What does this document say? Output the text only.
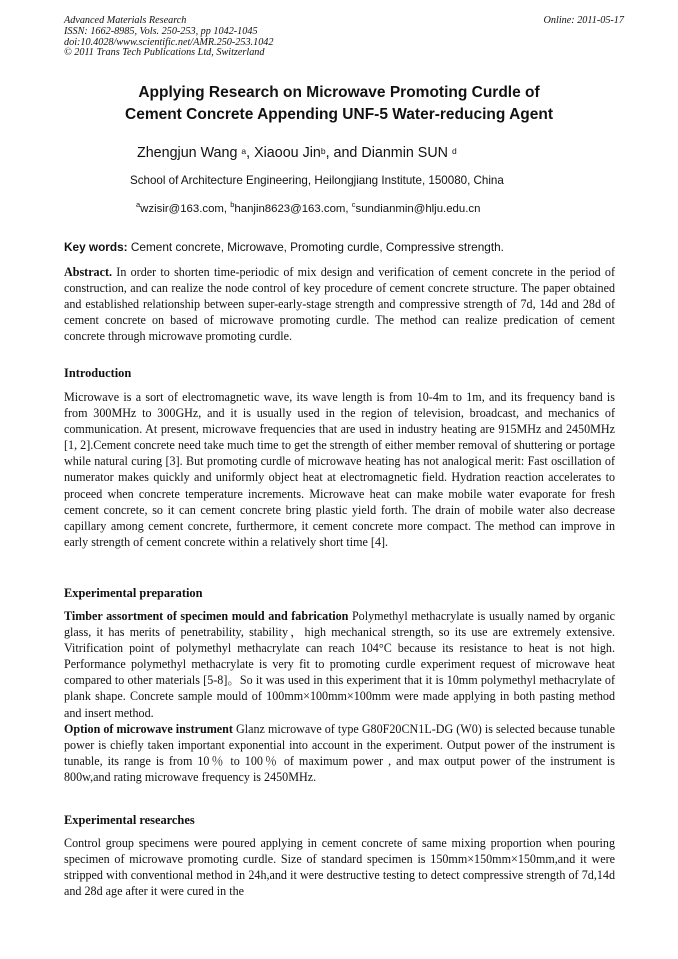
Advanced Materials Research
ISSN: 1662-8985, Vols. 250-253, pp 1042-1045
doi:10.4028/www.scientific.net/AMR.250-253.1042
© 2011 Trans Tech Publications Ltd, Switzerland
Online: 2011-05-17
Applying Research on Microwave Promoting Curdle of
Cement Concrete Appending UNF-5 Water-reducing Agent
Zhengjun Wang $^a$, Xiaoou Jin$^b$, and Dianmin SUN $^d$
School of Architecture Engineering, Heilongjiang Institute, 150080, China
$^a$wzisir@163.com, $^b$hanjin8623@163.com, $^c$sundianmin@hlju.edu.cn
Key words: Cement concrete, Microwave, Promoting curdle, Compressive strength.

Abstract. In order to shorten time-periodic of mix design and verification of cement concrete in the period of construction, and can realize the node control of key procedure of cement concrete structure. The paper obtained and established relationship between super-early-stage strength and compressive strength of 7d, 14d and 28d of cement concrete on based of microwave promoting curdle. The method can realize predication of cement concrete through microwave promoting curdle.

Introduction

Microwave is a sort of electromagnetic wave, its wave length is from 10-4m to 1m, and its frequency band is from 300MHz to 300GHz, and it is usually used in the region of television, broadcast, and mechanics of communication. At present, microwave frequencies that are used in industry heating are 915MHz and 2450MHz [1, 2].Cement concrete need take much time to get the strength of either member removal of shuttering or portage while natural curing [3]. But promoting curdle of microwave heating has not analogical merit: Fast oscillation of numerator makes quickly and uniformly object heat at electromagnetic field. Hydration reaction accelerates to proceed when concrete temperature increments. Microwave heat can make mobile water evaporate for fresh cement concrete, so it can cement concrete bring plastic yield forth. The drain of mobile water also decrease capillary among cement concrete, furthermore, it cement concrete more compact. The method can improve in early strength of cement concrete within a relatively short time [4].

Experimental preparation

Timber assortment of specimen mould and fabrication Polymethyl methacrylate is usually named by organic glass, it has merits of penetrability, stability，high mechanical strength, so its use are extremely extensive. Vitrification point of polymethyl methacrylate can reach 104°C because its resistance to heat is not high. Performance polymethyl methacrylate is very fit to promoting curdle experiment request of microwave heat compared to other materials [5-8]。So it was used in this experiment that it is 10mm polymethyl methacrylate of plank shape. Concrete sample mould of 100mm×100mm×100mm were made applying in both pasting method and insert method.

Option of microwave instrument Glanz microwave of type G80F20CN1L-DG (W0) is selected because tunable power is chiefly taken important exponential into account in the experiment. Output power of the instrument is tunable, its range is from 10％ to 100％ of maximum power , and max output power of the instrument is 800w,and rating microwave frequency is 2450MHz.

Experimental researches

Control group specimens were poured applying in cement concrete of same mixing proportion when pouring specimen of microwave promoting curdle. Size of standard specimen is 150mm×150mm×150mm,and it were stripped with conventional method in 24h,and it were destructive testing to detect compressive strength of 7d,14d and 28d age after it were cured in the
